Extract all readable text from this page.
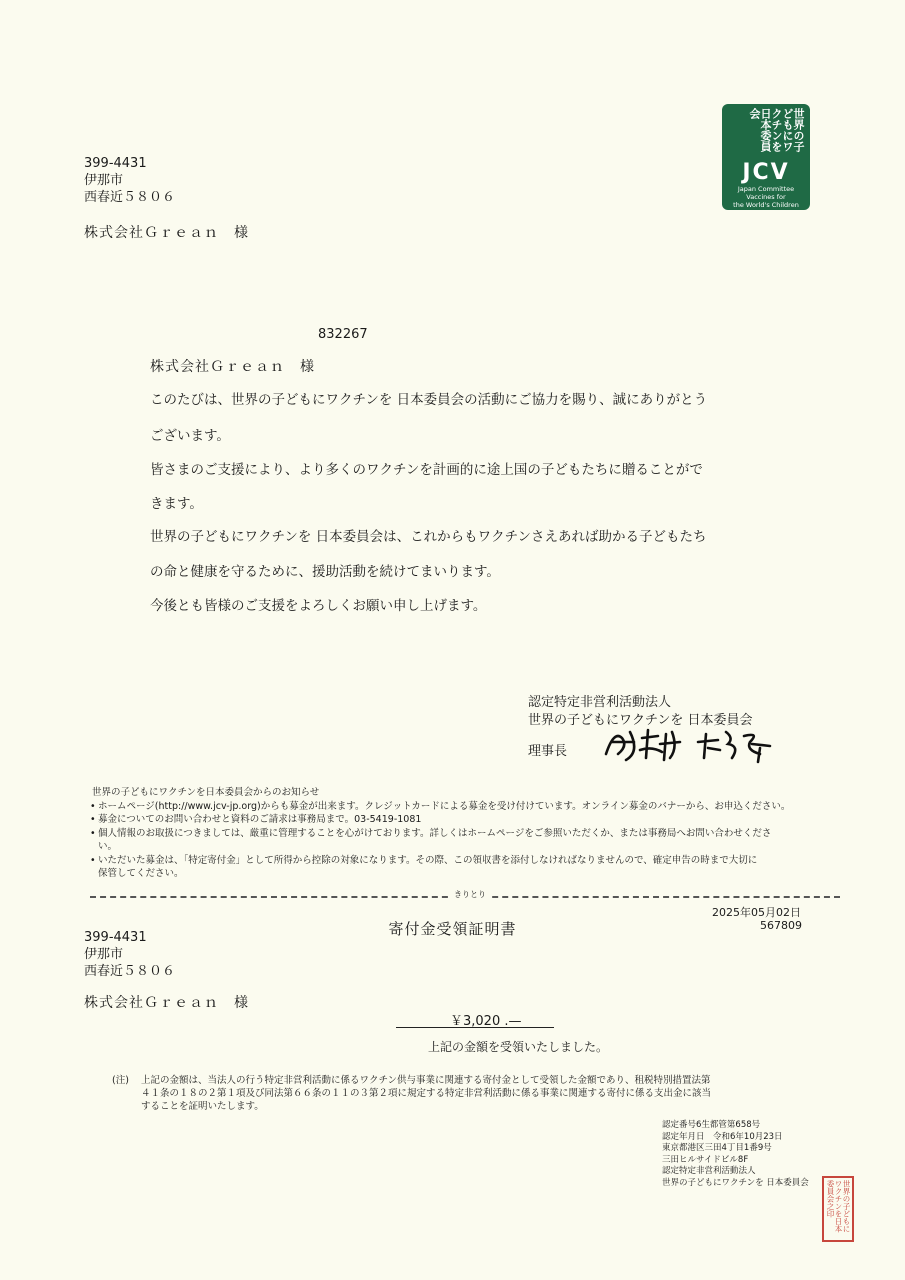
399-4431
伊那市
西春近５８０６
株式会社Ｇｒｅａｎ　様
世界の子どもにワクチンを日本委員会
JCV
Japan Committee
Vaccines for
the World's Children
832267
株式会社Ｇｒｅａｎ　様
このたびは、世界の子どもにワクチンを 日本委員会の活動にご協力を賜り、誠にありがとう
ございます。
皆さまのご支援により、より多くのワクチンを計画的に途上国の子どもたちに贈ることがで
きます。
世界の子どもにワクチンを 日本委員会は、これからもワクチンさえあれば助かる子どもたち
の命と健康を守るために、援助活動を続けてまいります。
今後とも皆様のご支援をよろしくお願い申し上げます。
認定特定非営利活動法人
世界の子どもにワクチンを 日本委員会
理事長
世界の子どもにワクチンを日本委員会からのお知らせ
• ホームページ(http://www.jcv-jp.org)からも募金が出来ます。クレジットカードによる募金を受け付けています。オンライン募金のバナーから、お申込ください。
• 募金についてのお問い合わせと資料のご請求は事務局まで。03-5419-1081
• 個人情報のお取扱につきましては、厳重に管理することを心がけております。詳しくはホームページをご参照いただくか、または事務局へお問い合わせくださ
い。
• いただいた募金は、「特定寄付金」として所得から控除の対象になります。その際、この領収書を添付しなければなりませんので、確定申告の時まで大切に
保管してください。
きりとり
2025年05月02日
567809
寄付金受領証明書
399-4431
伊那市
西春近５８０６
株式会社Ｇｒｅａｎ　様
￥3,020 .—
上記の金額を受領いたしました。
(注) 上記の金額は、当法人の行う特定非営利活動に係るワクチン供与事業に関連する寄付金として受領した金額であり、租税特別措置法第
４１条の１８の２第１項及び同法第６６条の１１の３第２項に規定する特定非営利活動に係る事業に関連する寄付に係る支出金に該当
することを証明いたします。
認定番号6生都管第658号
認定年月日　令和6年10月23日
東京都港区三田4丁目1番9号
三田ヒルサイドビル8F
認定特定非営利活動法人
世界の子どもにワクチンを 日本委員会	世界の子どもにワクチンを日本委員会之印
